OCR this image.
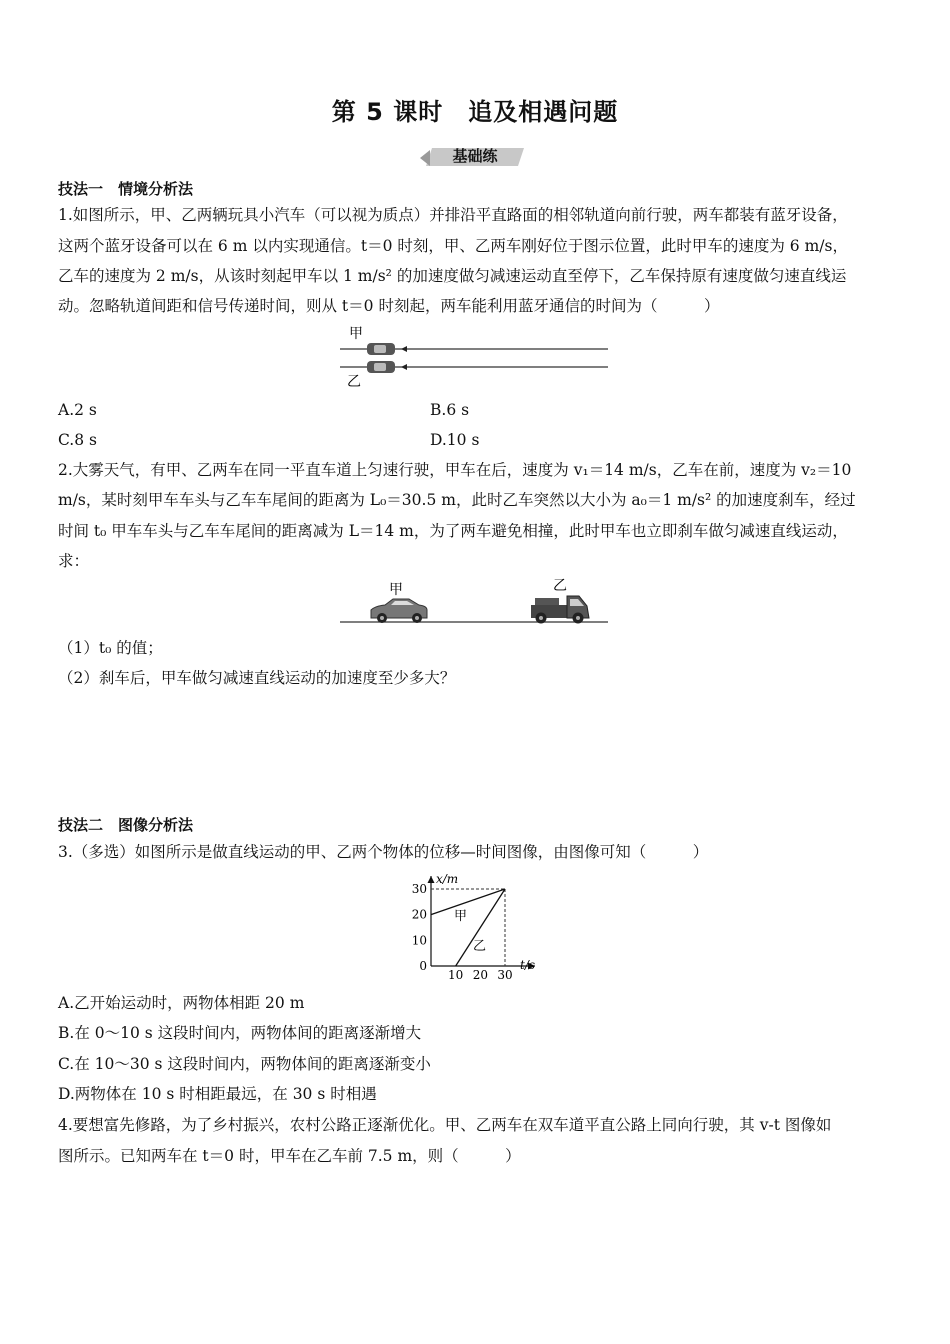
第 5 课时　追及相遇问题
基础练
技法一　情境分析法
1.如图所示，甲、乙两辆玩具小汽车（可以视为质点）并排沿平直路面的相邻轨道向前行驶，两车都装有蓝牙设备，
这两个蓝牙设备可以在 6 m 以内实现通信。t＝0 时刻，甲、乙两车刚好位于图示位置，此时甲车的速度为 6 m/s，
乙车的速度为 2 m/s，从该时刻起甲车以 1 m/s² 的加速度做匀减速运动直至停下，乙车保持原有速度做匀速直线运
动。忽略轨道间距和信号传递时间，则从 t＝0 时刻起，两车能利用蓝牙通信的时间为（　　　）
甲
乙
A.2 s	B.6 s
C.8 s	D.10 s
2.大雾天气，有甲、乙两车在同一平直车道上匀速行驶，甲车在后，速度为 v₁＝14 m/s，乙车在前，速度为 v₂＝10
m/s，某时刻甲车车头与乙车车尾间的距离为 L₀＝30.5 m，此时乙车突然以大小为 a₀＝1 m/s² 的加速度刹车，经过
时间 t₀ 甲车车头与乙车车尾间的距离减为 L＝14 m，为了两车避免相撞，此时甲车也立即刹车做匀减速直线运动，
求：
甲	乙
（1）t₀ 的值；
（2）刹车后，甲车做匀减速直线运动的加速度至少多大？
技法二　图像分析法
3.（多选）如图所示是做直线运动的甲、乙两个物体的位移—时间图像，由图像可知（　　　）
x/m
t/s
0
10
20
30
10 20 30
甲
乙
A.乙开始运动时，两物体相距 20 m
B.在 0～10 s 这段时间内，两物体间的距离逐渐增大
C.在 10～30 s 这段时间内，两物体间的距离逐渐变小
D.两物体在 10 s 时相距最远，在 30 s 时相遇
4.要想富先修路，为了乡村振兴，农村公路正逐渐优化。甲、乙两车在双车道平直公路上同向行驶，其 v-t 图像如
图所示。已知两车在 t＝0 时，甲车在乙车前 7.5 m，则（　　　）
